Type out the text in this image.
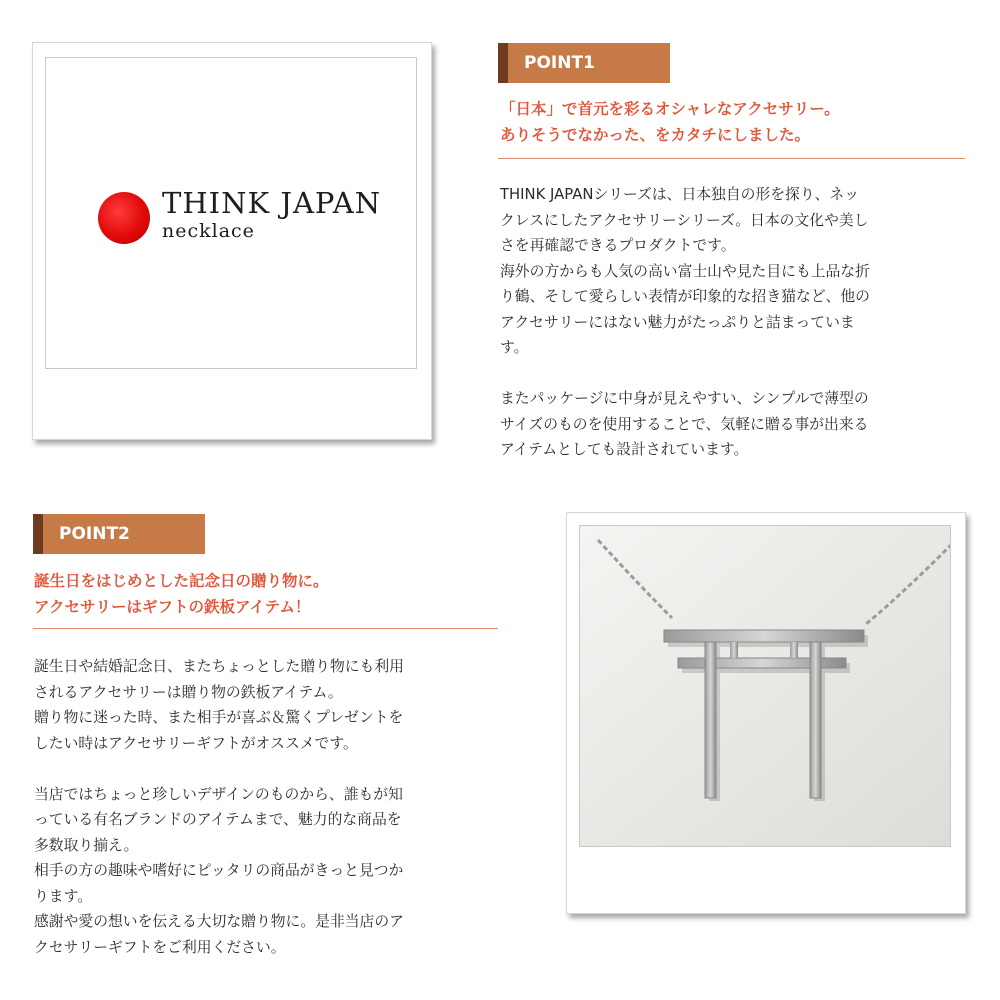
THINK JAPAN
necklace
POINT1
「日本」で首元を彩るオシャレなアクセサリー。
ありそうでなかった、をカタチにしました。
THINK JAPANシリーズは、日本独自の形を探り、ネッ
クレスにしたアクセサリーシリーズ。日本の文化や美し
さを再確認できるプロダクトです。
海外の方からも人気の高い富士山や見た目にも上品な折
り鶴、そして愛らしい表情が印象的な招き猫など、他の
アクセサリーにはない魅力がたっぷりと詰まっていま
す。
またパッケージに中身が見えやすい、シンプルで薄型の
サイズのものを使用することで、気軽に贈る事が出来る
アイテムとしても設計されています。
POINT2
誕生日をはじめとした記念日の贈り物に。
アクセサリーはギフトの鉄板アイテム！
誕生日や結婚記念日、またちょっとした贈り物にも利用
されるアクセサリーは贈り物の鉄板アイテム。
贈り物に迷った時、また相手が喜ぶ＆驚くプレゼントを
したい時はアクセサリーギフトがオススメです。
当店ではちょっと珍しいデザインのものから、誰もが知
っている有名ブランドのアイテムまで、魅力的な商品を
多数取り揃え。
相手の方の趣味や嗜好にピッタリの商品がきっと見つか
ります。
感謝や愛の想いを伝える大切な贈り物に。是非当店のア
クセサリーギフトをご利用ください。
